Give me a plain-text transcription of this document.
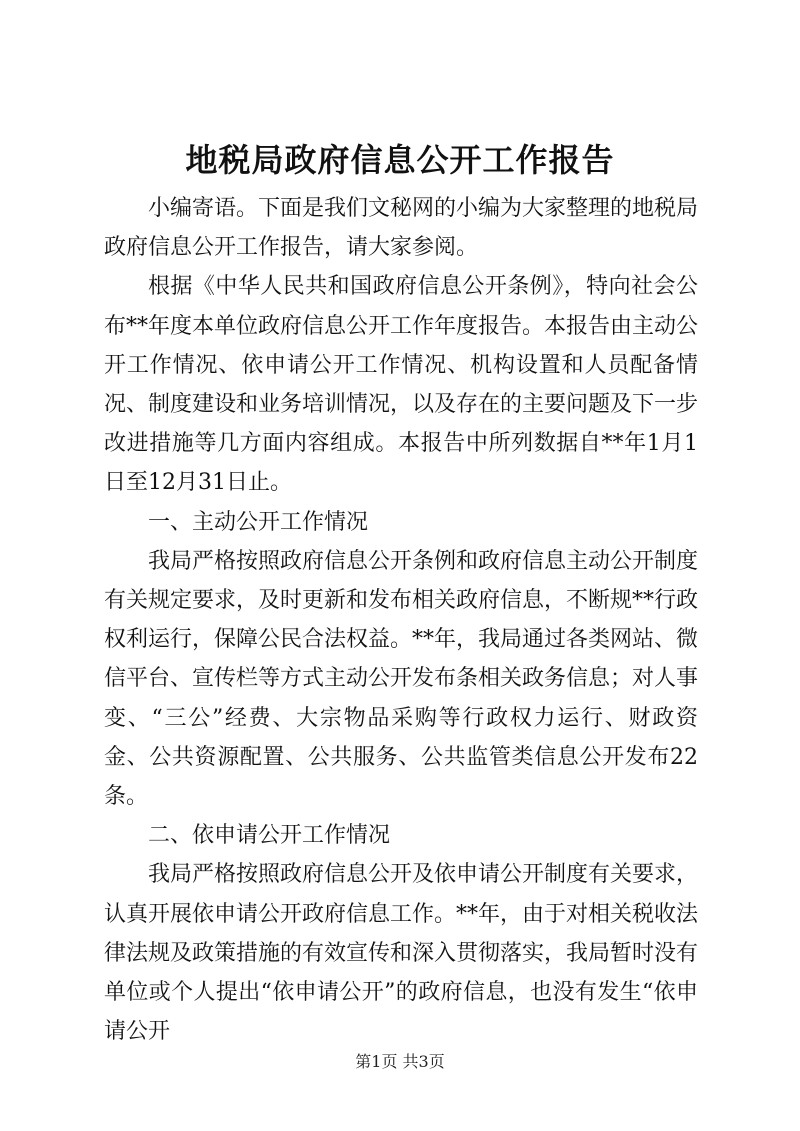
地税局政府信息公开工作报告

小编寄语。下面是我们文秘网的小编为大家整理的地税局政府信息公开工作报告，请大家参阅。

根据《中华人民共和国政府信息公开条例》，特向社会公布**年度本单位政府信息公开工作年度报告。本报告由主动公开工作情况、依申请公开工作情况、机构设置和人员配备情况、制度建设和业务培训情况，以及存在的主要问题及下一步改进措施等几方面内容组成。本报告中所列数据自**年1月1日至12月31日止。

一、主动公开工作情况

我局严格按照政府信息公开条例和政府信息主动公开制度有关规定要求，及时更新和发布相关政府信息，不断规**行政权利运行，保障公民合法权益。**年，我局通过各类网站、微信平台、宣传栏等方式主动公开发布条相关政务信息；对人事变、“三公”经费、大宗物品采购等行政权力运行、财政资金、公共资源配置、公共服务、公共监管类信息公开发布22条。

二、依申请公开工作情况

我局严格按照政府信息公开及依申请公开制度有关要求，认真开展依申请公开政府信息工作。**年，由于对相关税收法律法规及政策措施的有效宣传和深入贯彻落实，我局暂时没有单位或个人提出“依申请公开”的政府信息，也没有发生“依申请公开

第1页 共3页
